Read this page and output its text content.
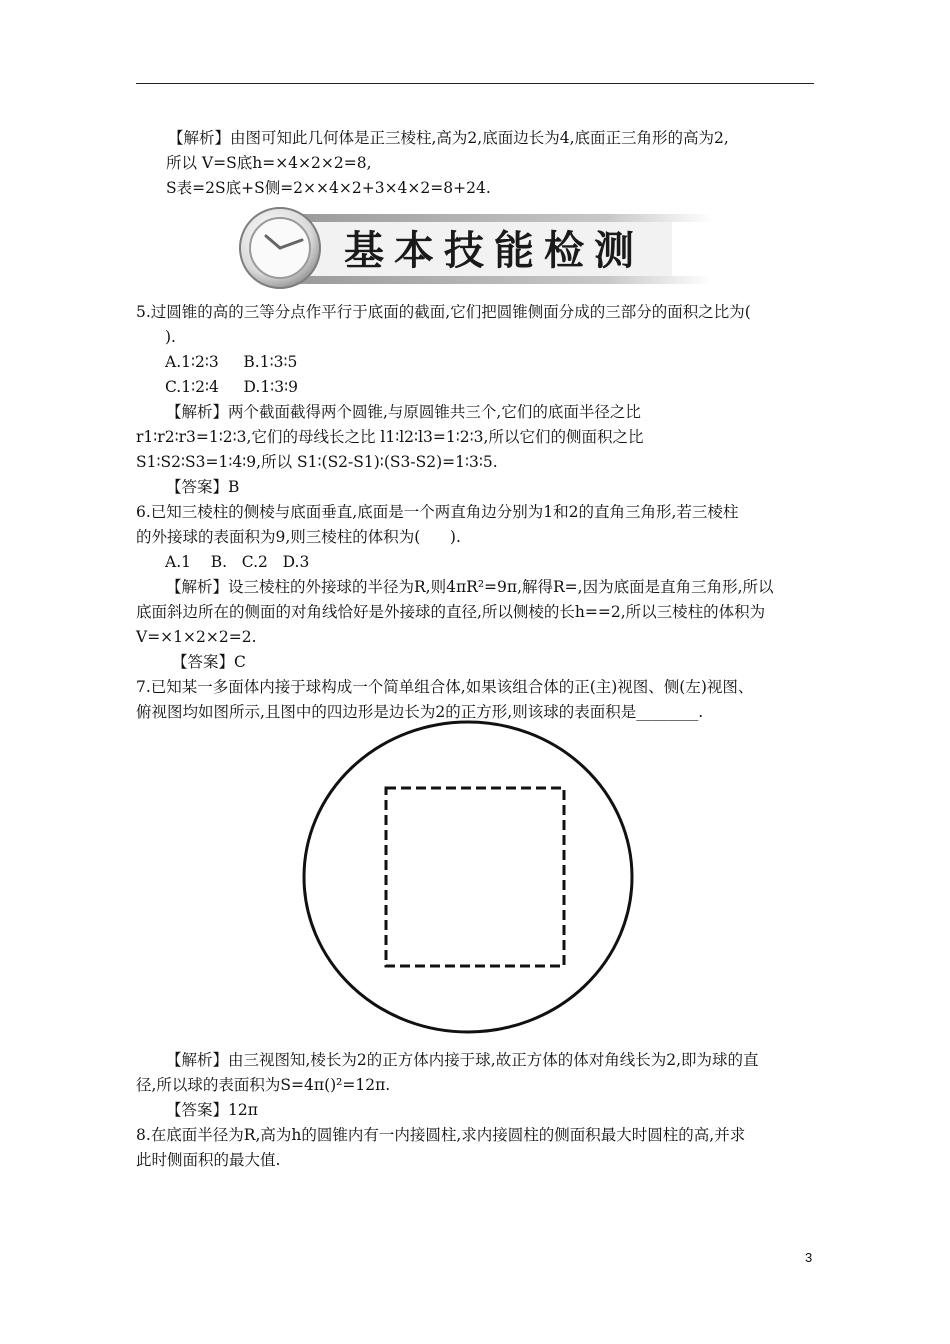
【解析】由图可知此几何体是正三棱柱,高为2,底面边长为4,底面正三角形的高为2,
所以 V=S底h=×4×2×2=8,
S表=2S底+S侧=2××4×2+3×4×2=8+24.
基本技能检测
5.过圆锥的高的三等分点作平行于底面的截面,它们把圆锥侧面分成的三部分的面积之比为(
).
A.1∶2∶3     B.1∶3∶5
C.1∶2∶4     D.1∶3∶9
【解析】两个截面截得两个圆锥,与原圆锥共三个,它们的底面半径之比
r1∶r2∶r3=1∶2∶3,它们的母线长之比 l1∶l2∶l3=1∶2∶3,所以它们的侧面积之比
S1∶S2∶S3=1∶4∶9,所以 S1∶(S2-S1)∶(S3-S2)=1∶3∶5.
【答案】B
6.已知三棱柱的侧棱与底面垂直,底面是一个两直角边分别为1和2的直角三角形,若三棱柱
的外接球的表面积为9,则三棱柱的体积为(      ).
A.1    B.   C.2   D.3
【解析】设三棱柱的外接球的半径为R,则4πR²=9π,解得R=,因为底面是直角三角形,所以
底面斜边所在的侧面的对角线恰好是外接球的直径,所以侧棱的长h==2,所以三棱柱的体积为
V=×1×2×2=2.
【答案】C
7.已知某一多面体内接于球构成一个简单组合体,如果该组合体的正(主)视图、侧(左)视图、
俯视图均如图所示,且图中的四边形是边长为2的正方形,则该球的表面积是________.
【解析】由三视图知,棱长为2的正方体内接于球,故正方体的体对角线长为2,即为球的直
径,所以球的表面积为S=4π()²=12π.
【答案】12π
8.在底面半径为R,高为h的圆锥内有一内接圆柱,求内接圆柱的侧面积最大时圆柱的高,并求
此时侧面积的最大值.
3
